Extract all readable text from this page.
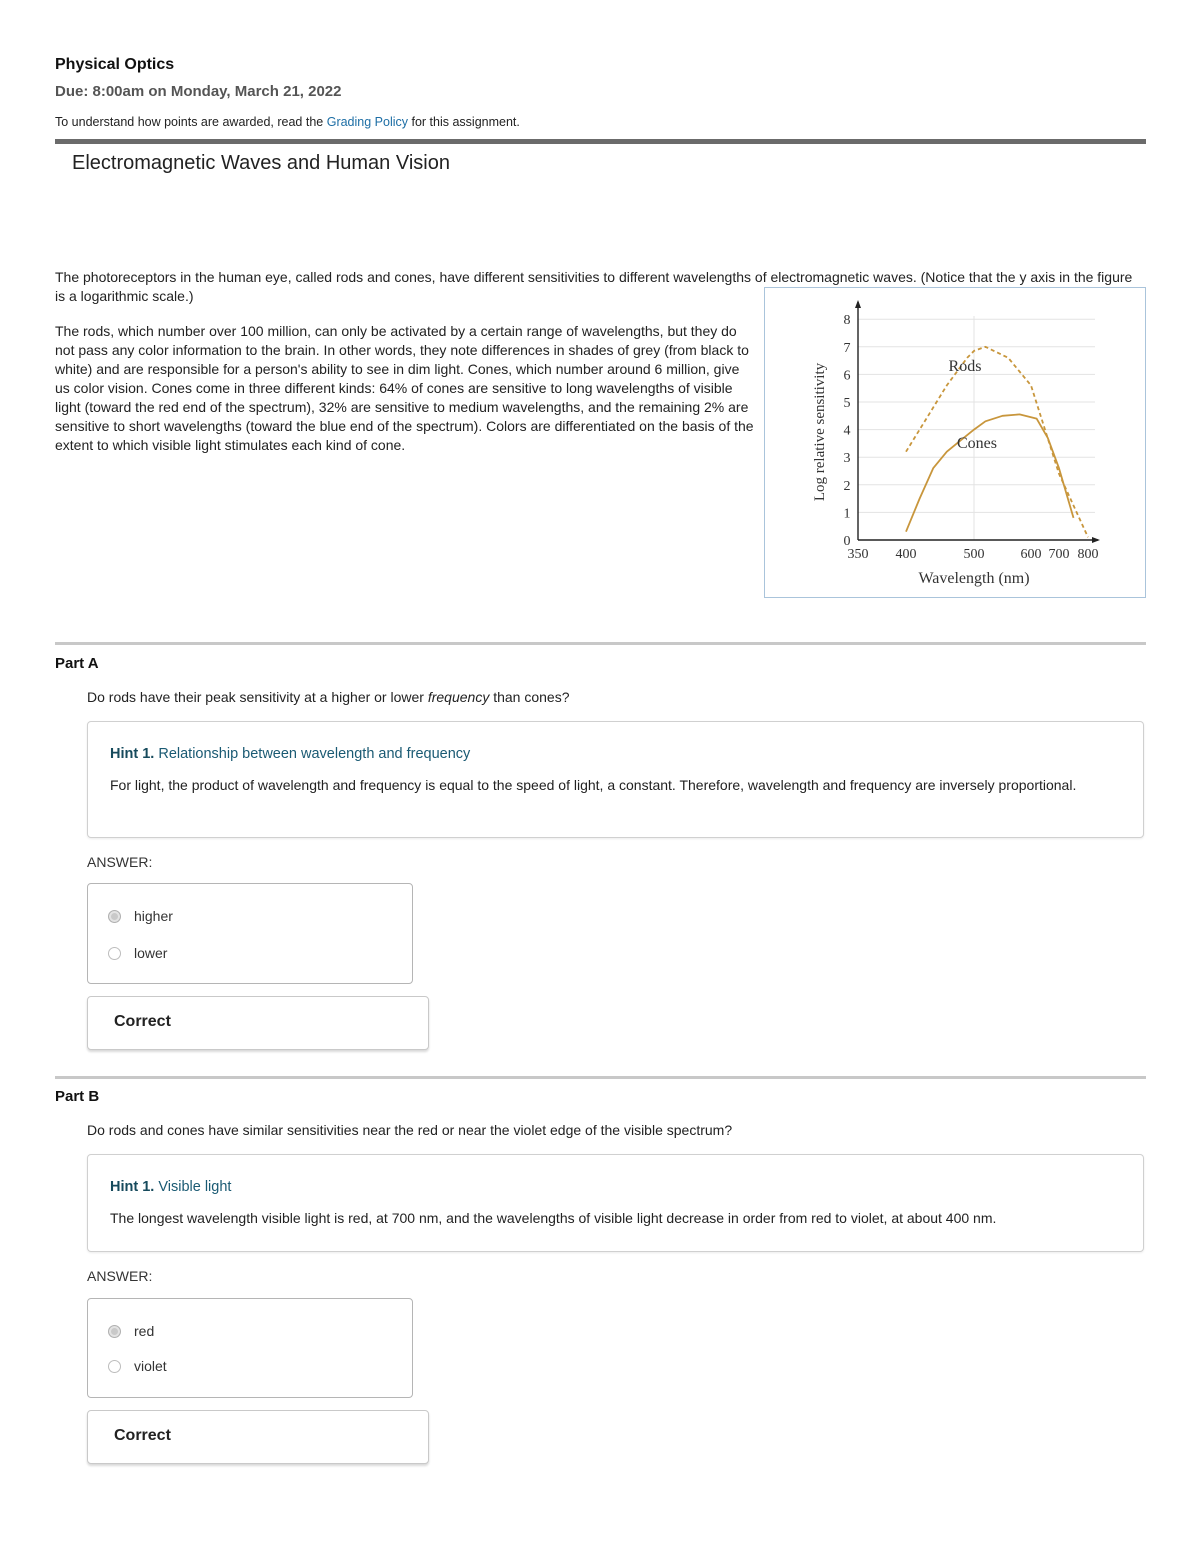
Physical Optics
Due: 8:00am on Monday, March 21, 2022
To understand how points are awarded, read the Grading Policy for this assignment.
Electromagnetic Waves and Human Vision
The photoreceptors in the human eye, called rods and cones, have different sensitivities to different wavelengths of electromagnetic waves. (Notice that the y axis in the figure is a logarithmic scale.)
The rods, which number over 100 million, can only be activated by a certain range of wavelengths, but they do not pass any color information to the brain. In other words, they note differences in shades of grey (from black to white) and are responsible for a person's ability to see in dim light. Cones, which number around 6 million, give us color vision. Cones come in three different kinds: 64% of cones are sensitive to long wavelengths of visible light (toward the red end of the spectrum), 32% are sensitive to medium wavelengths, and the remaining 2% are sensitive to short wavelengths (toward the blue end of the spectrum). Colors are differentiated on the basis of the extent to which visible light stimulates each kind of cone.
0
1
2
3
4
5
6
7
8
350 400	500	600 700 800
Wavelength (nm)
Log relative sensitivity	Rods
Cones
Part A
Do rods have their peak sensitivity at a higher or lower frequency than cones?
Hint 1. Relationship between wavelength and frequency
For light, the product of wavelength and frequency is equal to the speed of light, a constant. Therefore, wavelength and frequency are inversely proportional.
ANSWER:
higher
lower
Correct
Part B
Do rods and cones have similar sensitivities near the red or near the violet edge of the visible spectrum?
Hint 1. Visible light
The longest wavelength visible light is red, at 700 nm, and the wavelengths of visible light decrease in order from red to violet, at about 400 nm.
ANSWER:
red
violet
Correct
